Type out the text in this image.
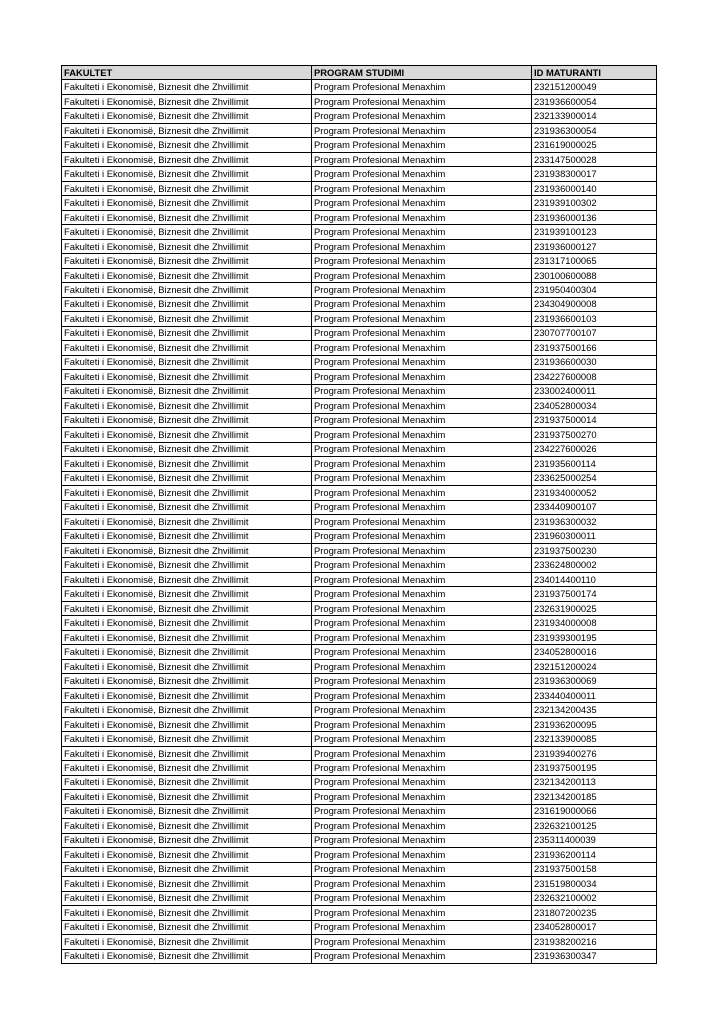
FAKULTET	PROGRAM STUDIMI	ID MATURANTI
Fakulteti i Ekonomisë, Biznesit dhe Zhvillimit	Program Profesional Menaxhim	232151200049
Fakulteti i Ekonomisë, Biznesit dhe Zhvillimit	Program Profesional Menaxhim	231936600054
Fakulteti i Ekonomisë, Biznesit dhe Zhvillimit	Program Profesional Menaxhim	232133900014
Fakulteti i Ekonomisë, Biznesit dhe Zhvillimit	Program Profesional Menaxhim	231936300054
Fakulteti i Ekonomisë, Biznesit dhe Zhvillimit	Program Profesional Menaxhim	231619000025
Fakulteti i Ekonomisë, Biznesit dhe Zhvillimit	Program Profesional Menaxhim	233147500028
Fakulteti i Ekonomisë, Biznesit dhe Zhvillimit	Program Profesional Menaxhim	231938300017
Fakulteti i Ekonomisë, Biznesit dhe Zhvillimit	Program Profesional Menaxhim	231936000140
Fakulteti i Ekonomisë, Biznesit dhe Zhvillimit	Program Profesional Menaxhim	231939100302
Fakulteti i Ekonomisë, Biznesit dhe Zhvillimit	Program Profesional Menaxhim	231936000136
Fakulteti i Ekonomisë, Biznesit dhe Zhvillimit	Program Profesional Menaxhim	231939100123
Fakulteti i Ekonomisë, Biznesit dhe Zhvillimit	Program Profesional Menaxhim	231936000127
Fakulteti i Ekonomisë, Biznesit dhe Zhvillimit	Program Profesional Menaxhim	231317100065
Fakulteti i Ekonomisë, Biznesit dhe Zhvillimit	Program Profesional Menaxhim	230100600088
Fakulteti i Ekonomisë, Biznesit dhe Zhvillimit	Program Profesional Menaxhim	231950400304
Fakulteti i Ekonomisë, Biznesit dhe Zhvillimit	Program Profesional Menaxhim	234304900008
Fakulteti i Ekonomisë, Biznesit dhe Zhvillimit	Program Profesional Menaxhim	231936600103
Fakulteti i Ekonomisë, Biznesit dhe Zhvillimit	Program Profesional Menaxhim	230707700107
Fakulteti i Ekonomisë, Biznesit dhe Zhvillimit	Program Profesional Menaxhim	231937500166
Fakulteti i Ekonomisë, Biznesit dhe Zhvillimit	Program Profesional Menaxhim	231936600030
Fakulteti i Ekonomisë, Biznesit dhe Zhvillimit	Program Profesional Menaxhim	234227600008
Fakulteti i Ekonomisë, Biznesit dhe Zhvillimit	Program Profesional Menaxhim	233002400011
Fakulteti i Ekonomisë, Biznesit dhe Zhvillimit	Program Profesional Menaxhim	234052800034
Fakulteti i Ekonomisë, Biznesit dhe Zhvillimit	Program Profesional Menaxhim	231937500014
Fakulteti i Ekonomisë, Biznesit dhe Zhvillimit	Program Profesional Menaxhim	231937500270
Fakulteti i Ekonomisë, Biznesit dhe Zhvillimit	Program Profesional Menaxhim	234227600026
Fakulteti i Ekonomisë, Biznesit dhe Zhvillimit	Program Profesional Menaxhim	231935600114
Fakulteti i Ekonomisë, Biznesit dhe Zhvillimit	Program Profesional Menaxhim	233625000254
Fakulteti i Ekonomisë, Biznesit dhe Zhvillimit	Program Profesional Menaxhim	231934000052
Fakulteti i Ekonomisë, Biznesit dhe Zhvillimit	Program Profesional Menaxhim	233440900107
Fakulteti i Ekonomisë, Biznesit dhe Zhvillimit	Program Profesional Menaxhim	231936300032
Fakulteti i Ekonomisë, Biznesit dhe Zhvillimit	Program Profesional Menaxhim	231960300011
Fakulteti i Ekonomisë, Biznesit dhe Zhvillimit	Program Profesional Menaxhim	231937500230
Fakulteti i Ekonomisë, Biznesit dhe Zhvillimit	Program Profesional Menaxhim	233624800002
Fakulteti i Ekonomisë, Biznesit dhe Zhvillimit	Program Profesional Menaxhim	234014400110
Fakulteti i Ekonomisë, Biznesit dhe Zhvillimit	Program Profesional Menaxhim	231937500174
Fakulteti i Ekonomisë, Biznesit dhe Zhvillimit	Program Profesional Menaxhim	232631900025
Fakulteti i Ekonomisë, Biznesit dhe Zhvillimit	Program Profesional Menaxhim	231934000008
Fakulteti i Ekonomisë, Biznesit dhe Zhvillimit	Program Profesional Menaxhim	231939300195
Fakulteti i Ekonomisë, Biznesit dhe Zhvillimit	Program Profesional Menaxhim	234052800016
Fakulteti i Ekonomisë, Biznesit dhe Zhvillimit	Program Profesional Menaxhim	232151200024
Fakulteti i Ekonomisë, Biznesit dhe Zhvillimit	Program Profesional Menaxhim	231936300069
Fakulteti i Ekonomisë, Biznesit dhe Zhvillimit	Program Profesional Menaxhim	233440400011
Fakulteti i Ekonomisë, Biznesit dhe Zhvillimit	Program Profesional Menaxhim	232134200435
Fakulteti i Ekonomisë, Biznesit dhe Zhvillimit	Program Profesional Menaxhim	231936200095
Fakulteti i Ekonomisë, Biznesit dhe Zhvillimit	Program Profesional Menaxhim	232133900085
Fakulteti i Ekonomisë, Biznesit dhe Zhvillimit	Program Profesional Menaxhim	231939400276
Fakulteti i Ekonomisë, Biznesit dhe Zhvillimit	Program Profesional Menaxhim	231937500195
Fakulteti i Ekonomisë, Biznesit dhe Zhvillimit	Program Profesional Menaxhim	232134200113
Fakulteti i Ekonomisë, Biznesit dhe Zhvillimit	Program Profesional Menaxhim	232134200185
Fakulteti i Ekonomisë, Biznesit dhe Zhvillimit	Program Profesional Menaxhim	231619000066
Fakulteti i Ekonomisë, Biznesit dhe Zhvillimit	Program Profesional Menaxhim	232632100125
Fakulteti i Ekonomisë, Biznesit dhe Zhvillimit	Program Profesional Menaxhim	235311400039
Fakulteti i Ekonomisë, Biznesit dhe Zhvillimit	Program Profesional Menaxhim	231936200114
Fakulteti i Ekonomisë, Biznesit dhe Zhvillimit	Program Profesional Menaxhim	231937500158
Fakulteti i Ekonomisë, Biznesit dhe Zhvillimit	Program Profesional Menaxhim	231519800034
Fakulteti i Ekonomisë, Biznesit dhe Zhvillimit	Program Profesional Menaxhim	232632100002
Fakulteti i Ekonomisë, Biznesit dhe Zhvillimit	Program Profesional Menaxhim	231807200235
Fakulteti i Ekonomisë, Biznesit dhe Zhvillimit	Program Profesional Menaxhim	234052800017
Fakulteti i Ekonomisë, Biznesit dhe Zhvillimit	Program Profesional Menaxhim	231938200216
Fakulteti i Ekonomisë, Biznesit dhe Zhvillimit	Program Profesional Menaxhim	231936300347
